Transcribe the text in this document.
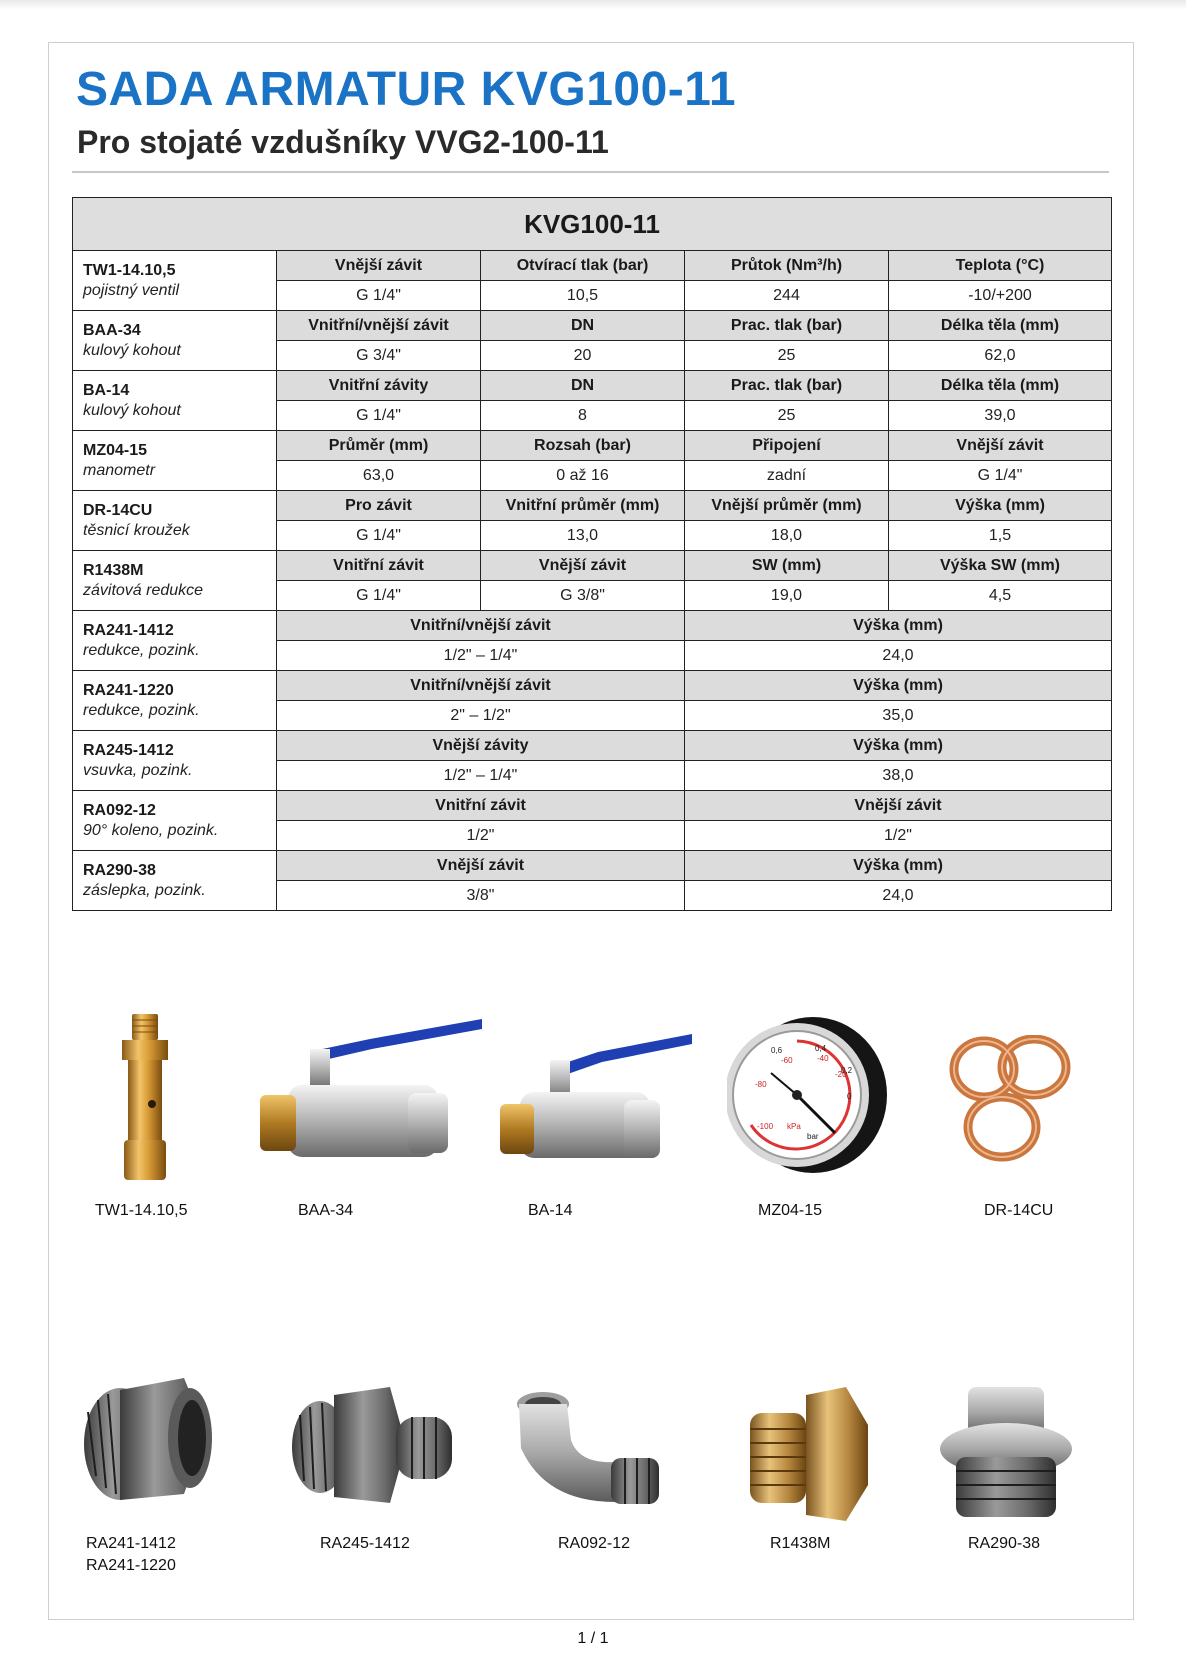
SADA ARMATUR KVG100-11
Pro stojaté vzdušníky VVG2-100-11
KVG100-11				

TW1-14.10,5
pojistný ventil	Vnější závit	Otvírací tlak (bar)	Průtok (Nm³/h)	Teplota (°C)
	G 1/4"	10,5	244	-10/+200

BAA-34
kulový kohout	Vnitřní/vnější závit	DN	Prac. tlak (bar)	Délka těla (mm)
	G 3/4"	20	25	62,0

BA-14
kulový kohout	Vnitřní závity	DN	Prac. tlak (bar)	Délka těla (mm)
	G 1/4"	8	25	39,0

MZ04-15
manometr	Průměr (mm)	Rozsah (bar)	Připojení	Vnější závit
	63,0	0 až 16	zadní	G 1/4"

DR-14CU
těsnicí kroužek	Pro závit	Vnitřní průměr (mm)	Vnější průměr (mm)	Výška (mm)
	G 1/4"	13,0	18,0	1,5

R1438M
závitová redukce	Vnitřní závit	Vnější závit	SW (mm)	Výška SW (mm)
	G 1/4"	G 3/8"	19,0	4,5

RA241-1412
redukce, pozink.	Vnitřní/vnější závit		Výška (mm)	
	1/2" – 1/4"		24,0	

RA241-1220
redukce, pozink.	Vnitřní/vnější závit		Výška (mm)	
	2" – 1/2"		35,0	

RA245-1412
vsuvka, pozink.	Vnější závity		Výška (mm)	
	1/2" – 1/4"		38,0	

RA092-12
90° koleno, pozink.	Vnitřní závit		Vnější závit	
	1/2"		1/2"	

RA290-38
záslepka, pozink.	Vnější závit		Výška (mm)	
	3/8"		24,0	
TW1-14.10,5	BAA-34	BA-14
0,6	0,4
0,2
0
-20
-40
-60
-80
-100 kPa
bar
MZ04-15	DR-14CU
RA241-1412
RA241-1220
RA245-1412	RA092-12	R1438M	RA290-38
1 / 1
